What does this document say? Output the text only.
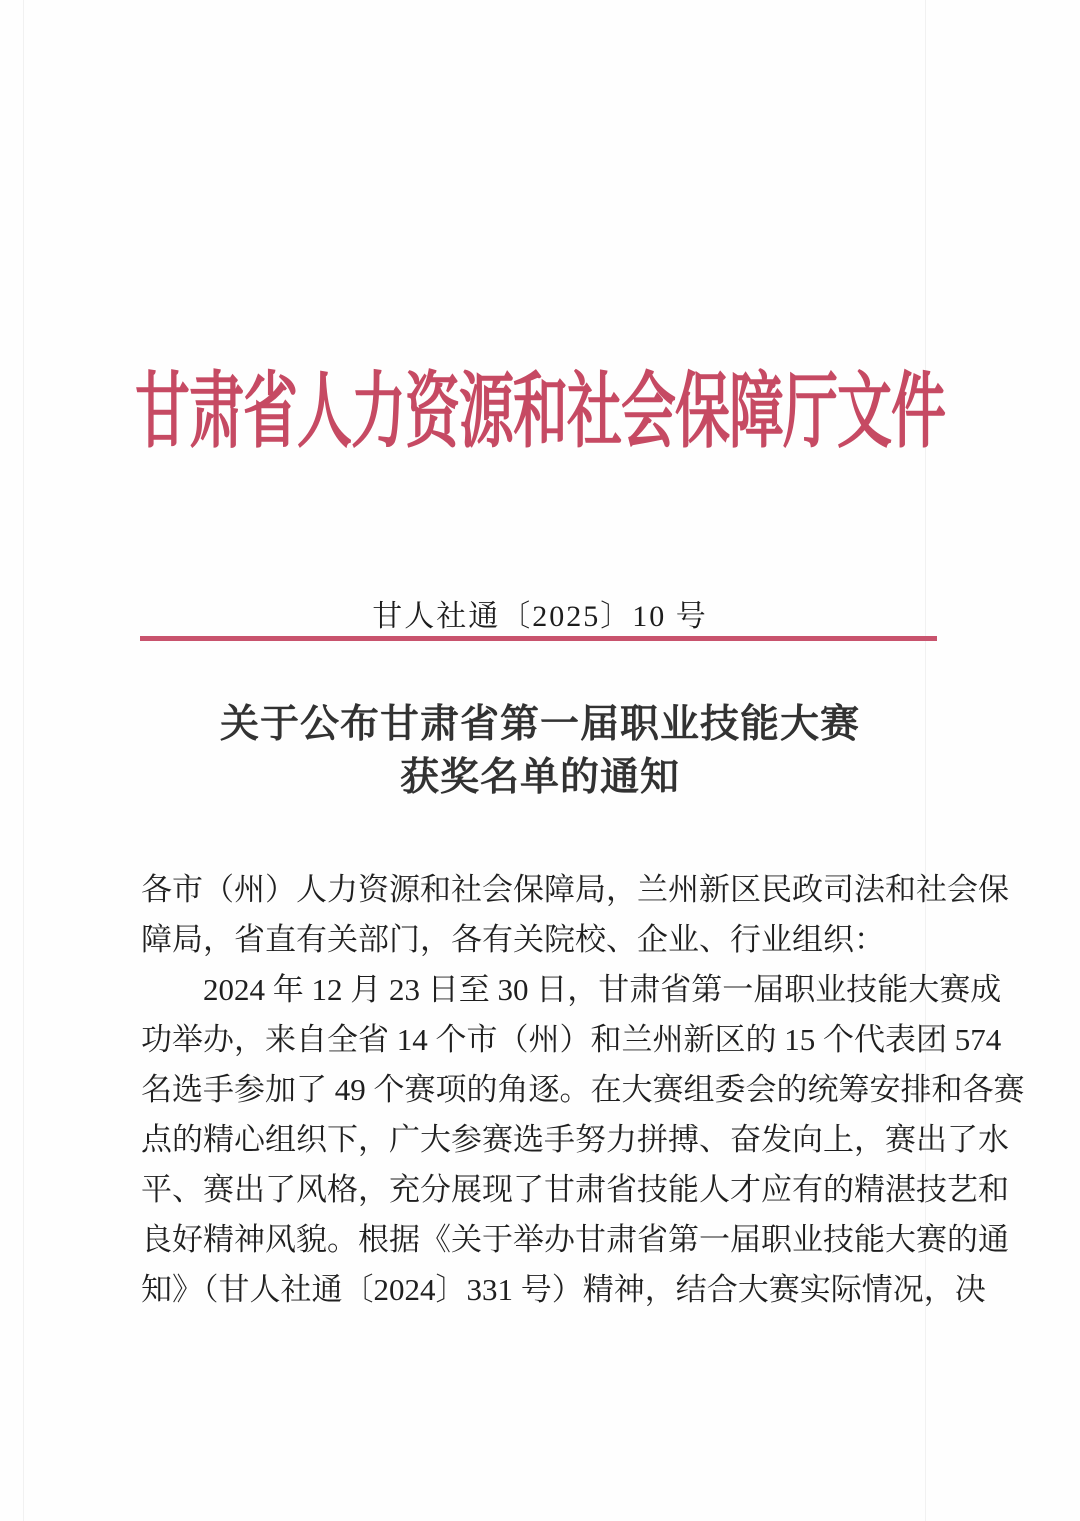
甘肃省人力资源和社会保障厅文件
甘人社通〔2025〕10 号
关于公布甘肃省第一届职业技能大赛
获奖名单的通知
各市（州）人力资源和社会保障局，兰州新区民政司法和社会保
障局，省直有关部门，各有关院校、企业、行业组织：
　　2024 年 12 月 23 日至 30 日，甘肃省第一届职业技能大赛成
功举办，来自全省 14 个市（州）和兰州新区的 15 个代表团 574
名选手参加了 49 个赛项的角逐。在大赛组委会的统筹安排和各赛
点的精心组织下，广大参赛选手努力拼搏、奋发向上，赛出了水
平、赛出了风格，充分展现了甘肃省技能人才应有的精湛技艺和
良好精神风貌。根据《关于举办甘肃省第一届职业技能大赛的通
知》（甘人社通〔2024〕331 号）精神，结合大赛实际情况，决
